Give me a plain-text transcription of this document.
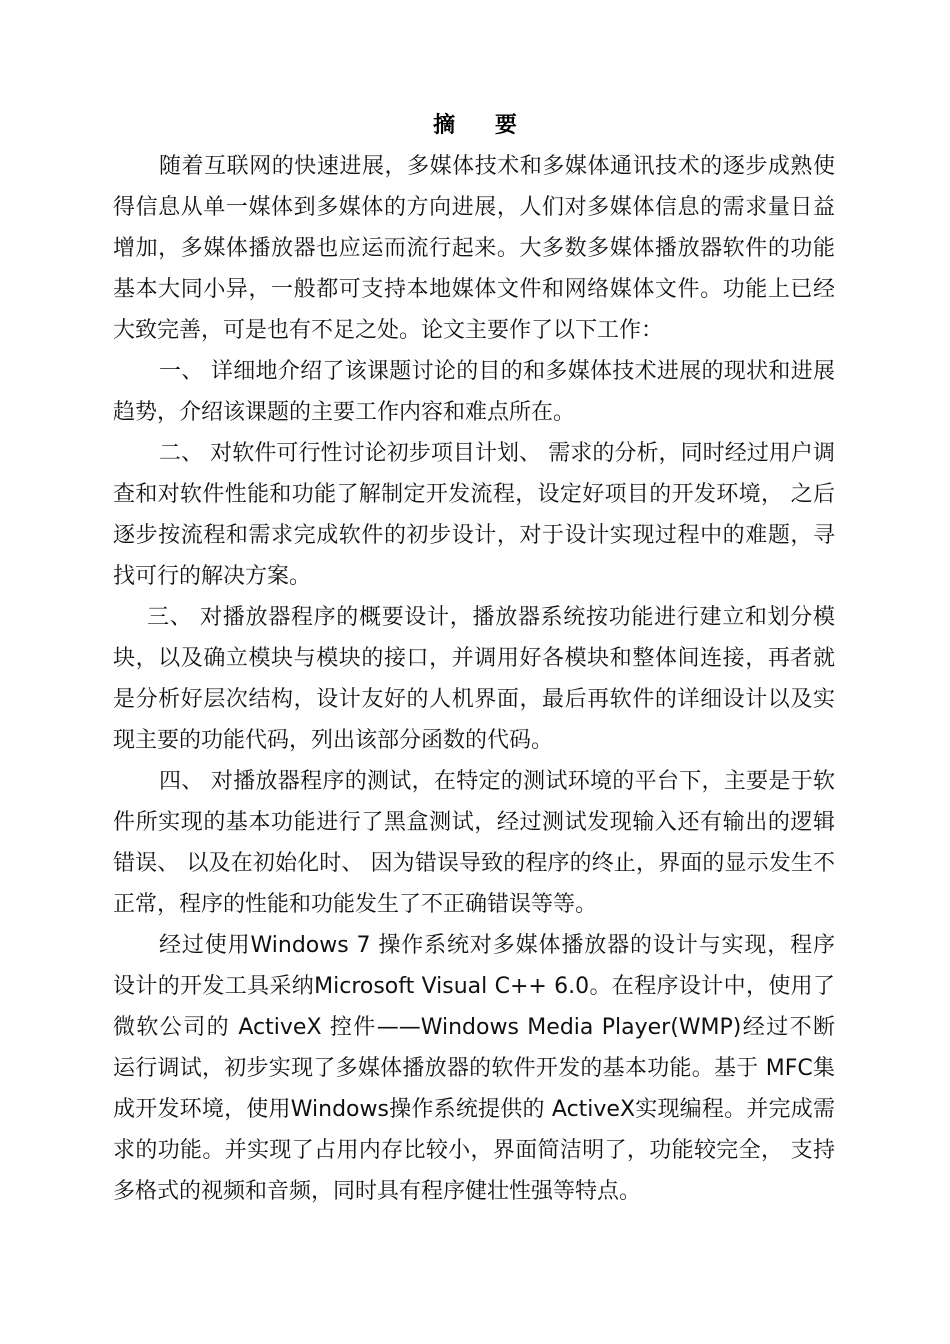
摘 要

随着互联网的快速进展，多媒体技术和多媒体通讯技术的逐步成熟使得信息从单一媒体到多媒体的方向进展，人们对多媒体信息的需求量日益增加，多媒体播放器也应运而流行起来。大多数多媒体播放器软件的功能基本大同小异，一般都可支持本地媒体文件和网络媒体文件。功能上已经大致完善，可是也有不足之处。论文主要作了以下工作：

一、 详细地介绍了该课题讨论的目的和多媒体技术进展的现状和进展趋势，介绍该课题的主要工作内容和难点所在。

二、 对软件可行性讨论初步项目计划、 需求的分析，同时经过用户调查和对软件性能和功能了解制定开发流程，设定好项目的开发环境， 之后逐步按流程和需求完成软件的初步设计，对于设计实现过程中的难题，寻找可行的解决方案。

三、 对播放器程序的概要设计，播放器系统按功能进行建立和划分模块，以及确立模块与模块的接口，并调用好各模块和整体间连接，再者就是分析好层次结构，设计友好的人机界面，最后再软件的详细设计以及实现主要的功能代码，列出该部分函数的代码。

四、 对播放器程序的测试，在特定的测试环境的平台下，主要是于软件所实现的基本功能进行了黑盒测试，经过测试发现输入还有输出的逻辑错误、 以及在初始化时、 因为错误导致的程序的终止，界面的显示发生不正常，程序的性能和功能发生了不正确错误等等。

经过使用Windows 7 操作系统对多媒体播放器的设计与实现，程序设计的开发工具采纳Microsoft Visual C++ 6.0。在程序设计中，使用了微软公司的 ActiveX 控件——Windows Media Player(WMP)经过不断运行调试，初步实现了多媒体播放器的软件开发的基本功能。基于 MFC集成开发环境，使用Windows操作系统提供的 ActiveX实现编程。并完成需求的功能。并实现了占用内存比较小，界面简洁明了，功能较完全， 支持多格式的视频和音频，同时具有程序健壮性强等特点。
